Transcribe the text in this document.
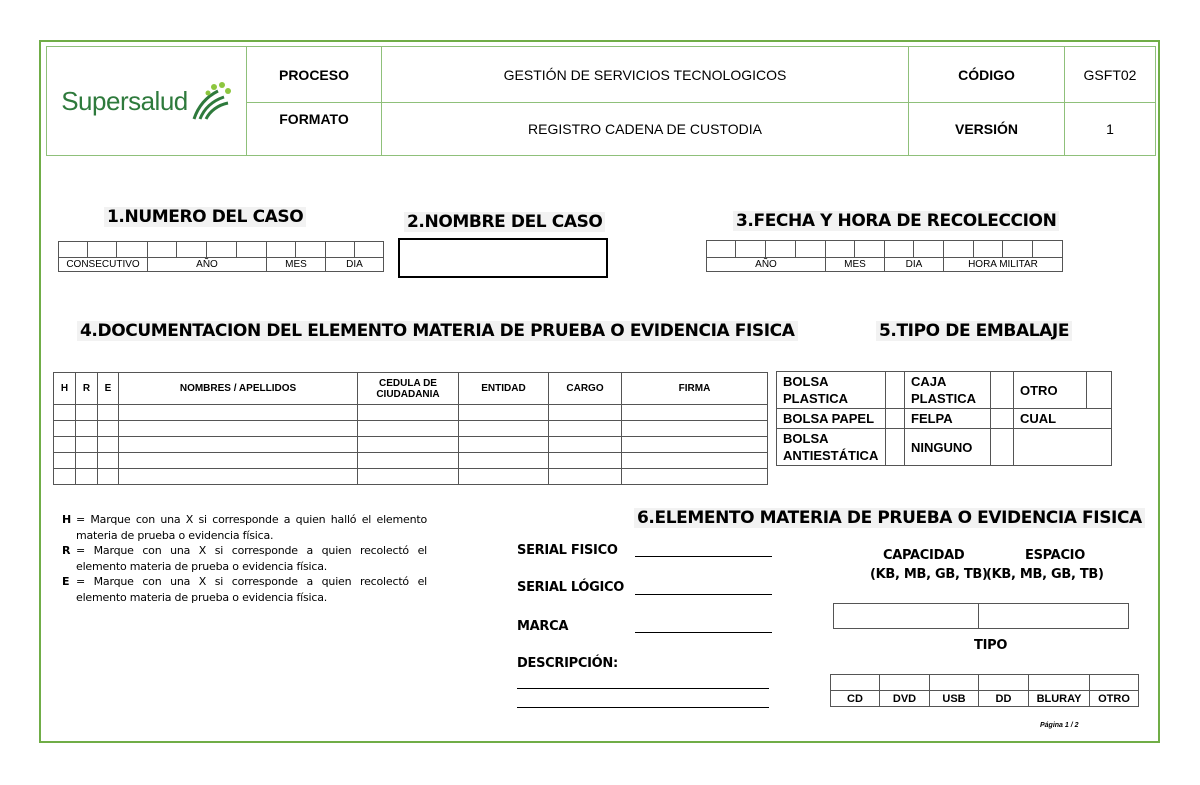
Supersalud	PROCESO	GESTIÓN DE SERVICIOS TECNOLOGICOS	CÓDIGO	GSFT02
	FORMATO	REGISTRO CADENA DE CUSTODIA	VERSIÓN	1
1.NUMERO DEL CASO

CONSECUTIVO			AÑO				MES		DIA	
2.NOMBRE DEL CASO	3.FECHA Y HORA DE RECOLECCION

AÑO				MES		DIA		HORA MILITAR			
4.DOCUMENTACION DEL ELEMENTO MATERIA DE PRUEBA O EVIDENCIA FISICA
H	R	E	NOMBRES / APELLIDOS	CEDULA DE CIUDADANIA	ENTIDAD	CARGO	FIRMA

5.TIPO DE EMBALAJE
BOLSA PLASTICA		CAJA PLASTICA		OTRO	
BOLSA PAPEL		FELPA		CUAL	
BOLSA ANTIESTÁTICA		NINGUNO			
H = Marque con una X si corresponde a quien halló el elemento materia de prueba o evidencia física.
R = Marque con una X si corresponde a quien recolectó el elemento materia de prueba o evidencia física.
E = Marque con una X si corresponde a quien recolectó el elemento materia de prueba o evidencia física.
6.ELEMENTO MATERIA DE PRUEBA O EVIDENCIA FISICA
SERIAL FISICO
SERIAL LÓGICO
MARCA
DESCRIPCIÓN:
CAPACIDAD
(KB, MB, GB, TB)
ESPACIO
(KB, MB, GB, TB)

TIPO

CD	DVD	USB	DD	BLURAY	OTRO
Página 1 / 2
